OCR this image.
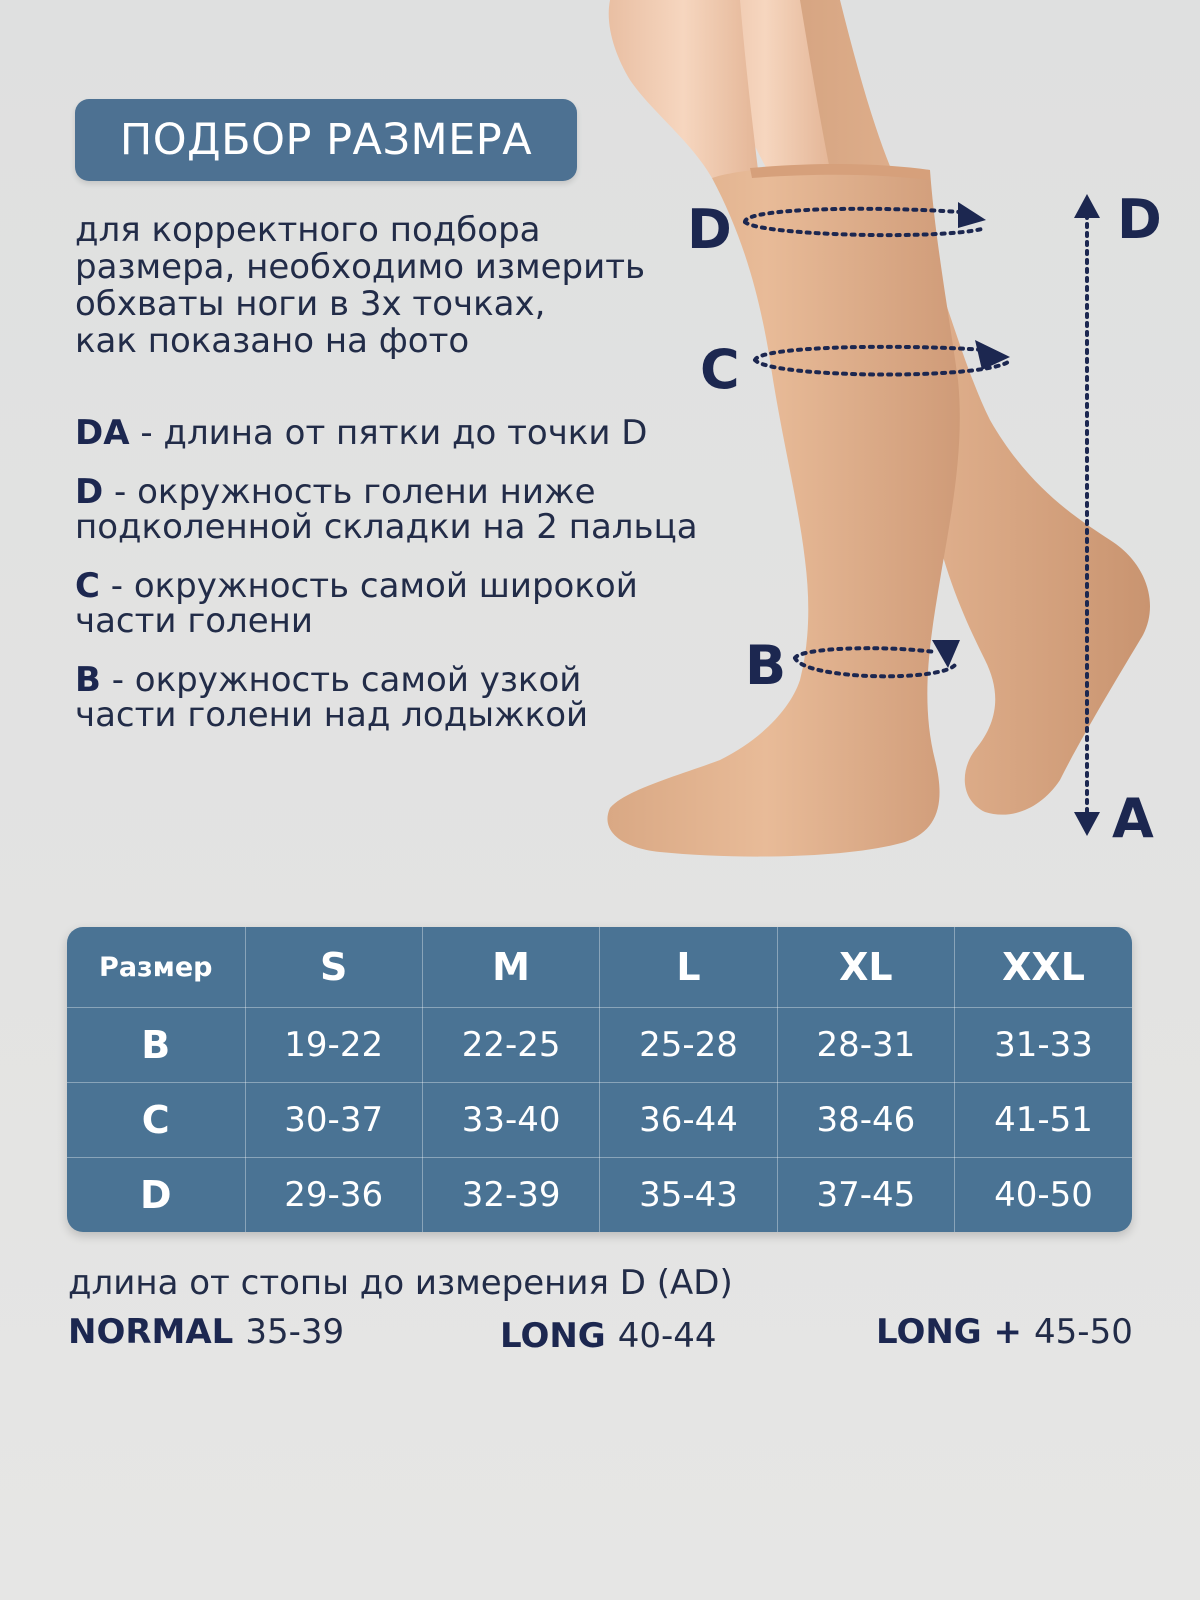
D
C
B
D
A
ПОДБОР РАЗМЕРА
для корректного подбора
размера, необходимо измерить
обхваты ноги в 3х точках,
как показано на фото
DA - длина от пятки до точки D
D - окружность голени ниже
подколенной складки на 2 пальца
C - окружность самой широкой
части голени
B - окружность самой узкой
части голени над лодыжкой
Размер	S	M	L	XL	XXL
B	19-22	22-25	25-28	28-31	31-33
C	30-37	33-40	36-44	38-46	41-51
D	29-36	32-39	35-43	37-45	40-50
длина от стопы до измерения D (AD)
NORMAL 35-39	LONG 40-44	LONG + 45-50
